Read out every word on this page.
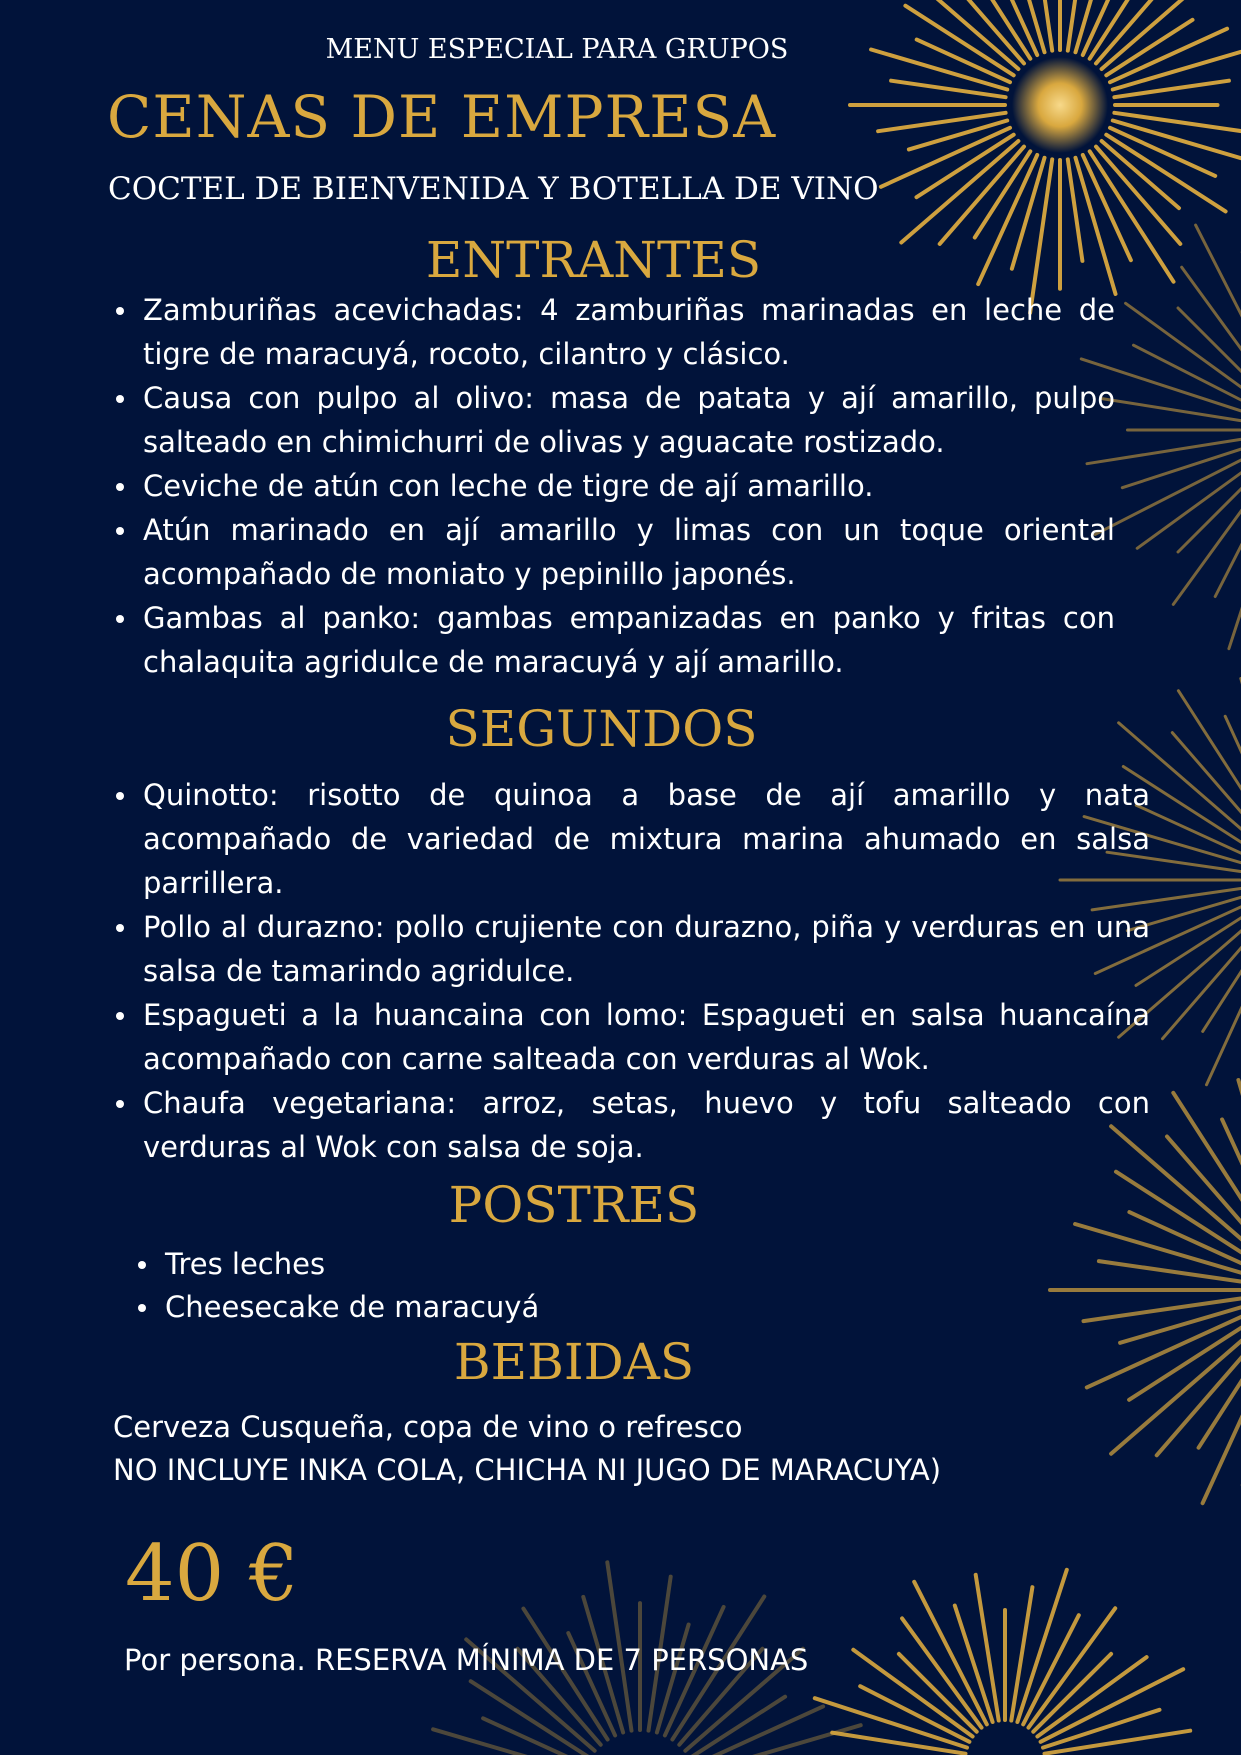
MENU ESPECIAL PARA GRUPOS
CENAS DE EMPRESA
COCTEL DE BIENVENIDA Y BOTELLA DE VINO
ENTRANTES
Zamburiñas acevichadas: 4 zamburiñas marinadas en leche de tigre de maracuyá, rocoto, cilantro y clásico.
Causa con pulpo al olivo: masa de patata y ají amarillo, pulpo salteado en chimichurri de olivas y aguacate rostizado.
Ceviche de atún con leche de tigre de ají amarillo.
Atún marinado en ají amarillo y limas con un toque oriental acompañado de moniato y pepinillo japonés.
Gambas al panko: gambas empanizadas en panko y fritas con chalaquita agridulce de maracuyá y ají amarillo.
SEGUNDOS
Quinotto: risotto de quinoa a base de ají amarillo y nata acompañado de variedad de mixtura marina ahumado en salsa parrillera.
Pollo al durazno: pollo crujiente con durazno, piña y verduras en una salsa de tamarindo agridulce.
Espagueti a la huancaina con lomo: Espagueti en salsa huancaína acompañado con carne salteada con verduras al Wok.
Chaufa vegetariana: arroz, setas, huevo y tofu salteado con verduras al Wok con salsa de soja.
POSTRES
Tres leches
Cheesecake de maracuyá
BEBIDAS
Cerveza Cusqueña, copa de vino o refresco
NO INCLUYE INKA COLA, CHICHA NI JUGO DE MARACUYA)
40 €
Por persona. RESERVA MÍNIMA DE 7 PERSONAS
